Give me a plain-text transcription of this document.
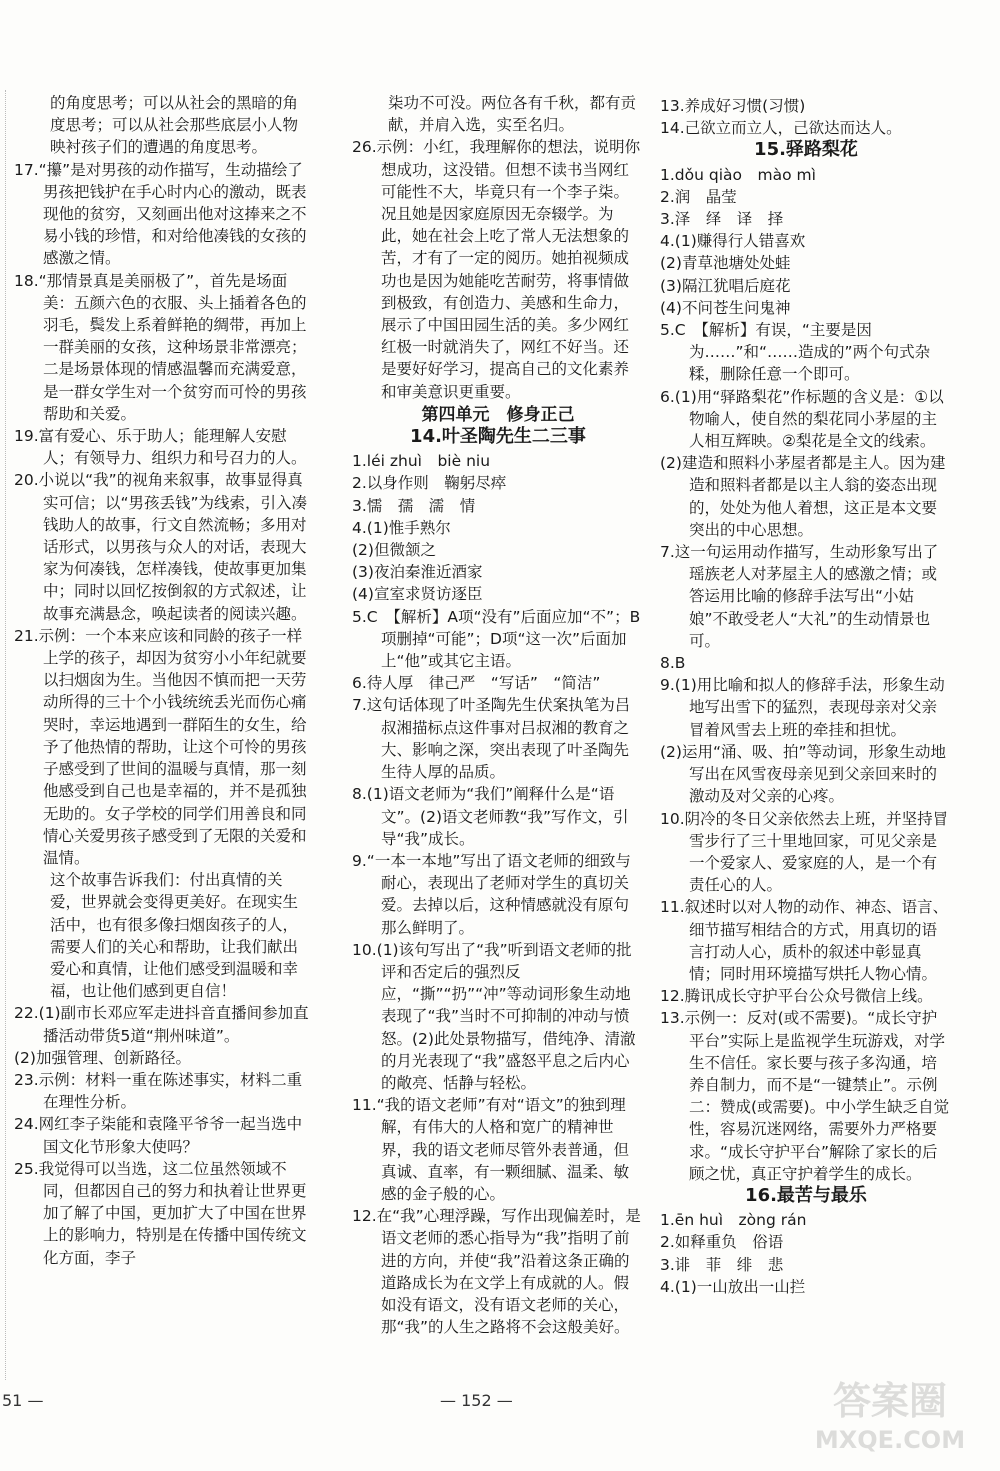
的角度思考；可以从社会的黑暗的角度思考；可以从社会那些底层小人物映衬孩子们的遭遇的角度思考。

17.“攥”是对男孩的动作描写，生动描绘了男孩把钱护在手心时内心的激动，既表现他的贫穷，又刻画出他对这捧来之不易小钱的珍惜，和对给他凑钱的女孩的感激之情。

18.“那情景真是美丽极了”，首先是场面美：五颜六色的衣服、头上插着各色的羽毛，鬓发上系着鲜艳的绸带，再加上一群美丽的女孩，这种场景非常漂亮；二是场景体现的情感温馨而充满爱意，是一群女学生对一个贫穷而可怜的男孩帮助和关爱。

19.富有爱心、乐于助人；能理解人安慰人；有领导力、组织力和号召力的人。

20.小说以“我”的视角来叙事，故事显得真实可信；以“男孩丢钱”为线索，引入凑钱助人的故事，行文自然流畅；多用对话形式，以男孩与众人的对话，表现大家为何凑钱，怎样凑钱，使故事更加集中；同时以回忆按倒叙的方式叙述，让故事充满悬念，唤起读者的阅读兴趣。

21.示例：一个本来应该和同龄的孩子一样上学的孩子，却因为贫穷小小年纪就要以扫烟囱为生。当他因不慎而把一天劳动所得的三十个小钱统统丢光而伤心痛哭时，幸运地遇到一群陌生的女生，给予了他热情的帮助，让这个可怜的男孩子感受到了世间的温暖与真情，那一刻他感受到自己也是幸福的，并不是孤独无助的。女子学校的同学们用善良和同情心关爱男孩子感受到了无限的关爱和温情。

这个故事告诉我们：付出真情的关爱，世界就会变得更美好。在现实生活中，也有很多像扫烟囱孩子的人，需要人们的关心和帮助，让我们献出爱心和真情，让他们感受到温暖和幸福，也让他们感到更自信！

22.(1)副市长邓应军走进抖音直播间参加直播活动带货5道“荆州味道”。

(2)加强管理、创新路径。

23.示例：材料一重在陈述事实，材料二重在理性分析。

24.网红李子柒能和袁隆平爷爷一起当选中国文化节形象大使吗？

25.我觉得可以当选，这二位虽然领域不同，但都因自己的努力和执着让世界更加了解了中国，更加扩大了中国在世界上的影响力，特别是在传播中国传统文化方面，李子

柒功不可没。两位各有千秋，都有贡献，并肩入选，实至名归。

26.示例：小红，我理解你的想法，说明你想成功，这没错。但想不读书当网红可能性不大，毕竟只有一个李子柒。况且她是因家庭原因无奈辍学。为此，她在社会上吃了常人无法想象的苦，才有了一定的阅历。她拍视频成功也是因为她能吃苦耐劳，将事情做到极致，有创造力、美感和生命力，展示了中国田园生活的美。多少网红红极一时就消失了，网红不好当。还是要好好学习，提高自己的文化素养和审美意识更重要。

第四单元　修身正己
14.叶圣陶先生二三事

1.léi zhuì　biè niu

2.以身作则　鞠躬尽瘁

3.懦　孺　濡　情

4.(1)惟手熟尔

(2)但微颔之

(3)夜泊秦淮近酒家

(4)宣室求贤访逐臣

5.C　【解析】A项“没有”后面应加“不”；B项删掉“可能”；D项“这一次”后面加上“他”或其它主语。

6.待人厚　律己严　“写话”　“简洁”

7.这句话体现了叶圣陶先生伏案执笔为吕叔湘描标点这件事对吕叔湘的教育之大、影响之深，突出表现了叶圣陶先生待人厚的品质。

8.(1)语文老师为“我们”阐释什么是“语文”。(2)语文老师教“我”写作文，引导“我”成长。

9.“一本一本地”写出了语文老师的细致与耐心，表现出了老师对学生的真切关爱。去掉以后，这种情感就没有原句那么鲜明了。

10.(1)该句写出了“我”听到语文老师的批评和否定后的强烈反应，“撕”“扔”“冲”等动词形象生动地表现了“我”当时不可抑制的冲动与愤怒。(2)此处景物描写，借纯净、清澈的月光表现了“我”盛怒平息之后内心的敞亮、恬静与轻松。

11.“我的语文老师”有对“语文”的独到理解，有伟大的人格和宽广的精神世界，我的语文老师尽管外表普通，但真诚、直率，有一颗细腻、温柔、敏感的金子般的心。

12.在“我”心理浮躁，写作出现偏差时，是语文老师的悉心指导为“我”指明了前进的方向，并使“我”沿着这条正确的道路成长为在文学上有成就的人。假如没有语文，没有语文老师的关心，那“我”的人生之路将不会这般美好。

13.养成好习惯(习惯)

14.己欲立而立人，己欲达而达人。

15.驿路梨花

1.dǒu qiào　mào mì

2.润　晶莹

3.泽　绎　译　择

4.(1)赚得行人错喜欢

(2)青草池塘处处蛙

(3)隔江犹唱后庭花

(4)不问苍生问鬼神

5.C　【解析】有误，“主要是因为……”和“……造成的”两个句式杂糅，删除任意一个即可。

6.(1)用“驿路梨花”作标题的含义是：①以物喻人，使自然的梨花同小茅屋的主人相互辉映。②梨花是全文的线索。

(2)建造和照料小茅屋者都是主人。因为建造和照料者都是以主人翁的姿态出现的，处处为他人着想，这正是本文要突出的中心思想。

7.这一句运用动作描写，生动形象写出了瑶族老人对茅屋主人的感激之情；或答运用比喻的修辞手法写出“小姑娘”不敢受老人“大礼”的生动情景也可。

8.B

9.(1)用比喻和拟人的修辞手法，形象生动地写出雪下的猛烈，表现母亲对父亲冒着风雪去上班的牵挂和担忧。

(2)运用“涌、吸、拍”等动词，形象生动地写出在风雪夜母亲见到父亲回来时的激动及对父亲的心疼。

10.阴冷的冬日父亲依然去上班，并坚持冒雪步行了三十里地回家，可见父亲是一个爱家人、爱家庭的人，是一个有责任心的人。

11.叙述时以对人物的动作、神态、语言、细节描写相结合的方式，用真切的语言打动人心，质朴的叙述中彰显真情；同时用环境描写烘托人物心情。

12.腾讯成长守护平台公众号微信上线。

13.示例一：反对(或不需要)。“成长守护平台”实际上是监视学生玩游戏，对学生不信任。家长要与孩子多沟通，培养自制力，而不是“一键禁止”。示例二：赞成(或需要)。中小学生缺乏自觉性，容易沉迷网络，需要外力严格要求。“成长守护平台”解除了家长的后顾之忧，真正守护着学生的成长。

16.最苦与最乐

1.ēn huì　zòng rán

2.如释重负　俗语

3.诽　菲　绯　悲

4.(1)一山放出一山拦

51 —	— 152 —	答案圈
MXQE.COM
